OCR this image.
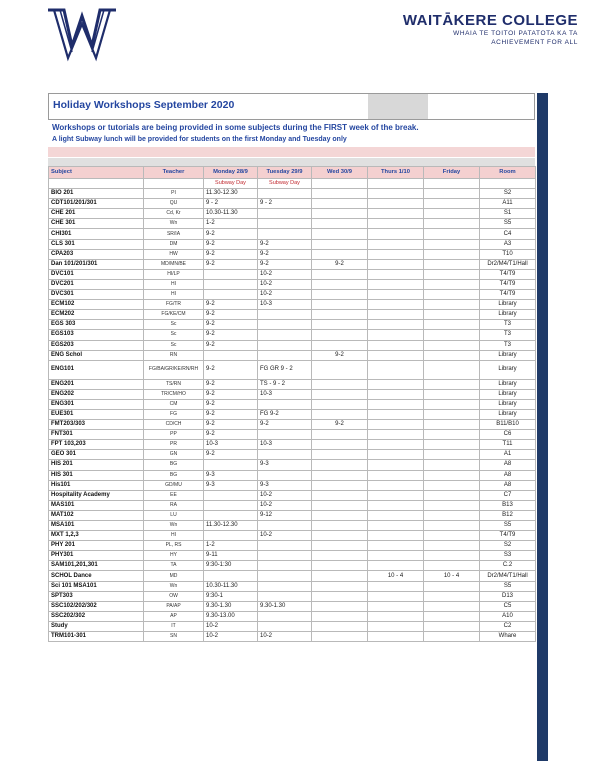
WAITĀKERE COLLEGE
WHAIA TE TOITOI PATATOTA KA TA
ACHIEVEMENT FOR ALL
Holiday Workshops September 2020
Workshops or tutorials are being provided in some subjects during the FIRST week of the break.
A light Subway lunch will be provided for students on the first Monday and Tuesday only
Subject	Teacher	Monday 28/9	Tuesday 29/9	Wed 30/9	Thurs 1/10	Friday	Room
		Subway Day	Subway Day				
BIO 201	PI	11.30-12.30					S2
CDT101/201/301	QU	9 - 2	9 - 2				A11
CHE 201	Cd, Kr	10.30-11.30					S1
CHE 301	Wn	1-2					S5
CHI301	SR/IA	9-2					C4
CLS 301	DM	9-2	9-2				A3
CPA203	HW	9-2	9-2				T10
Dan 101/201/301	MD/MN/BE	9-2	9-2	9-2			Dr2/M4/T1/Hall
DVC101	HI/LP		10-2				T4/T9
DVC201	HI		10-2				T4/T9
DVC301	HI		10-2				T4/T9
ECM102	FG/TR	9-2	10-3				Library
ECM202	FG/KE/CM	9-2					Library
EGS 303	Sc	9-2					T3
EGS103	Sc	9-2					T3
EGS203	Sc	9-2					T3
ENG Schol	RN			9-2			Library
ENG101	FG/BA/GR/KE/RN/RH	9-2	FG GR 9 - 2				Library
ENG201	TS/RN	9-2	TS - 9 - 2				Library
ENG202	TR/CM/HO	9-2	10-3				Library
ENG301	CM	9-2					Library
EUE301	FG	9-2	FG 9-2				Library
FMT203/303	CD/CH	9-2	9-2	9-2			B11/B10
FNT301	PP	9-2					C6
FPT 103,203	PR	10-3	10-3				T11
GEO 301	GN	9-2					A1
HIS 201	BG		9-3				A8
HIS 301	BG	9-3					A8
His101	GD/MU	9-3	9-3				A8
Hospitality Academy	EE		10-2				C7
MAS101	RA		10-2				B13
MAT102	LU		9-12				B12
MSA101	Wn	11.30-12.30					S5
MXT 1,2,3	HI		10-2				T4/T9
PHY 201	PL, RS	1-2					S2
PHY301	HY	9-11					S3
SAM101,201,301	TA	9:30-1:30					C.2
SCHOL Dance	MD				10 - 4	10 - 4	Dr2/M4/T1/Hall
Sci 101 MSA101	Wn	10.30-11.30					S5
SPT303	OW	9:30-1					D13
SSC102/202/302	PA/AP	9.30-1.30	9.30-1.30				C5
SSC202/302	AP	9.30-13.00					A10
Study	IT	10-2					C2
TRM101-301	SN	10-2	10-2				Whare
